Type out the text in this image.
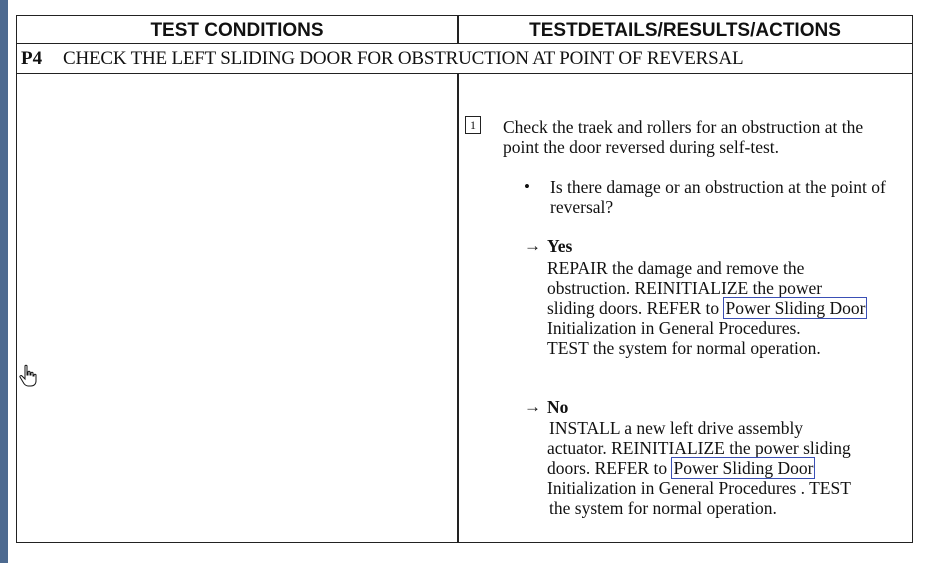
TEST CONDITIONS	TESTDETAILS/RESULTS/ACTIONS
P4 CHECK THE LEFT SLIDING DOOR FOR OBSTRUCTION AT POINT OF REVERSAL
1 Check the traek and rollers for an obstruction at the
point the door reversed during self-test.
• Is there damage or an obstruction at the point of
reversal?
→ Yes
REPAIR the damage and remove the
obstruction. REINITIALIZE the power
sliding doors. REFER to Power Sliding Door
Initialization in General Procedures.
TEST the system for normal operation.
→ No
INSTALL a new left drive assembly
actuator. REINITIALIZE the power sliding
doors. REFER to Power Sliding Door
Initialization in General Procedures . TEST
the system for normal operation.
